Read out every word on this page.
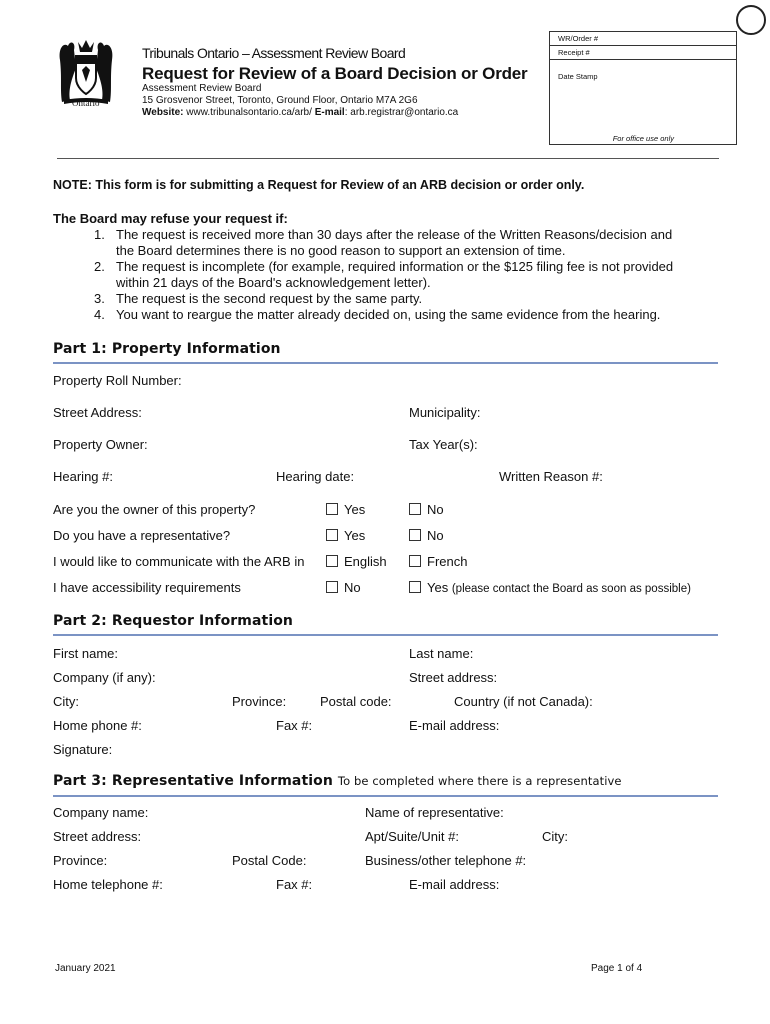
Ontario
Tribunals Ontario – Assessment Review Board
Request for Review of a Board Decision or Order
Assessment Review Board
15 Grosvenor Street, Toronto, Ground Floor, Ontario M7A 2G6
Website: www.tribunalsontario.ca/arb/ E-mail: arb.registrar@ontario.ca
WR/Order #
Receipt #
Date Stamp
For office use only
NOTE: This form is for submitting a Request for Review of an ARB decision or order only.
The Board may refuse your request if:
1. The request is received more than 30 days after the release of the Written Reasons/decision and
the Board determines there is no good reason to support an extension of time.
2. The request is incomplete (for example, required information or the $125 filing fee is not provided
within 21 days of the Board's acknowledgement letter).
3. The request is the second request by the same party.
4. You want to reargue the matter already decided on, using the same evidence from the hearing.
Part 1: Property Information
Property Roll Number:
Street Address:	Municipality:
Property Owner:	Tax Year(s):
Hearing #:	Hearing date:	Written Reason #:
Are you the owner of this property?	Yes	No
Do you have a representative?	Yes	No
I would like to communicate with the ARB in	English	French
I have accessibility requirements	No	Yes (please contact the Board as soon as possible)
Part 2: Requestor Information
First name:	Last name:
Company (if any):	Street address:
City:	Province:	Postal code:	Country (if not Canada):
Home phone #:	Fax #:	E-mail address:
Signature:
Part 3: Representative Information To be completed where there is a representative
Company name:	Name of representative:
Street address:	Apt/Suite/Unit #:	City:
Province:	Postal Code:	Business/other telephone #:
Home telephone #:	Fax #:	E-mail address:
January 2021	Page 1 of 4
